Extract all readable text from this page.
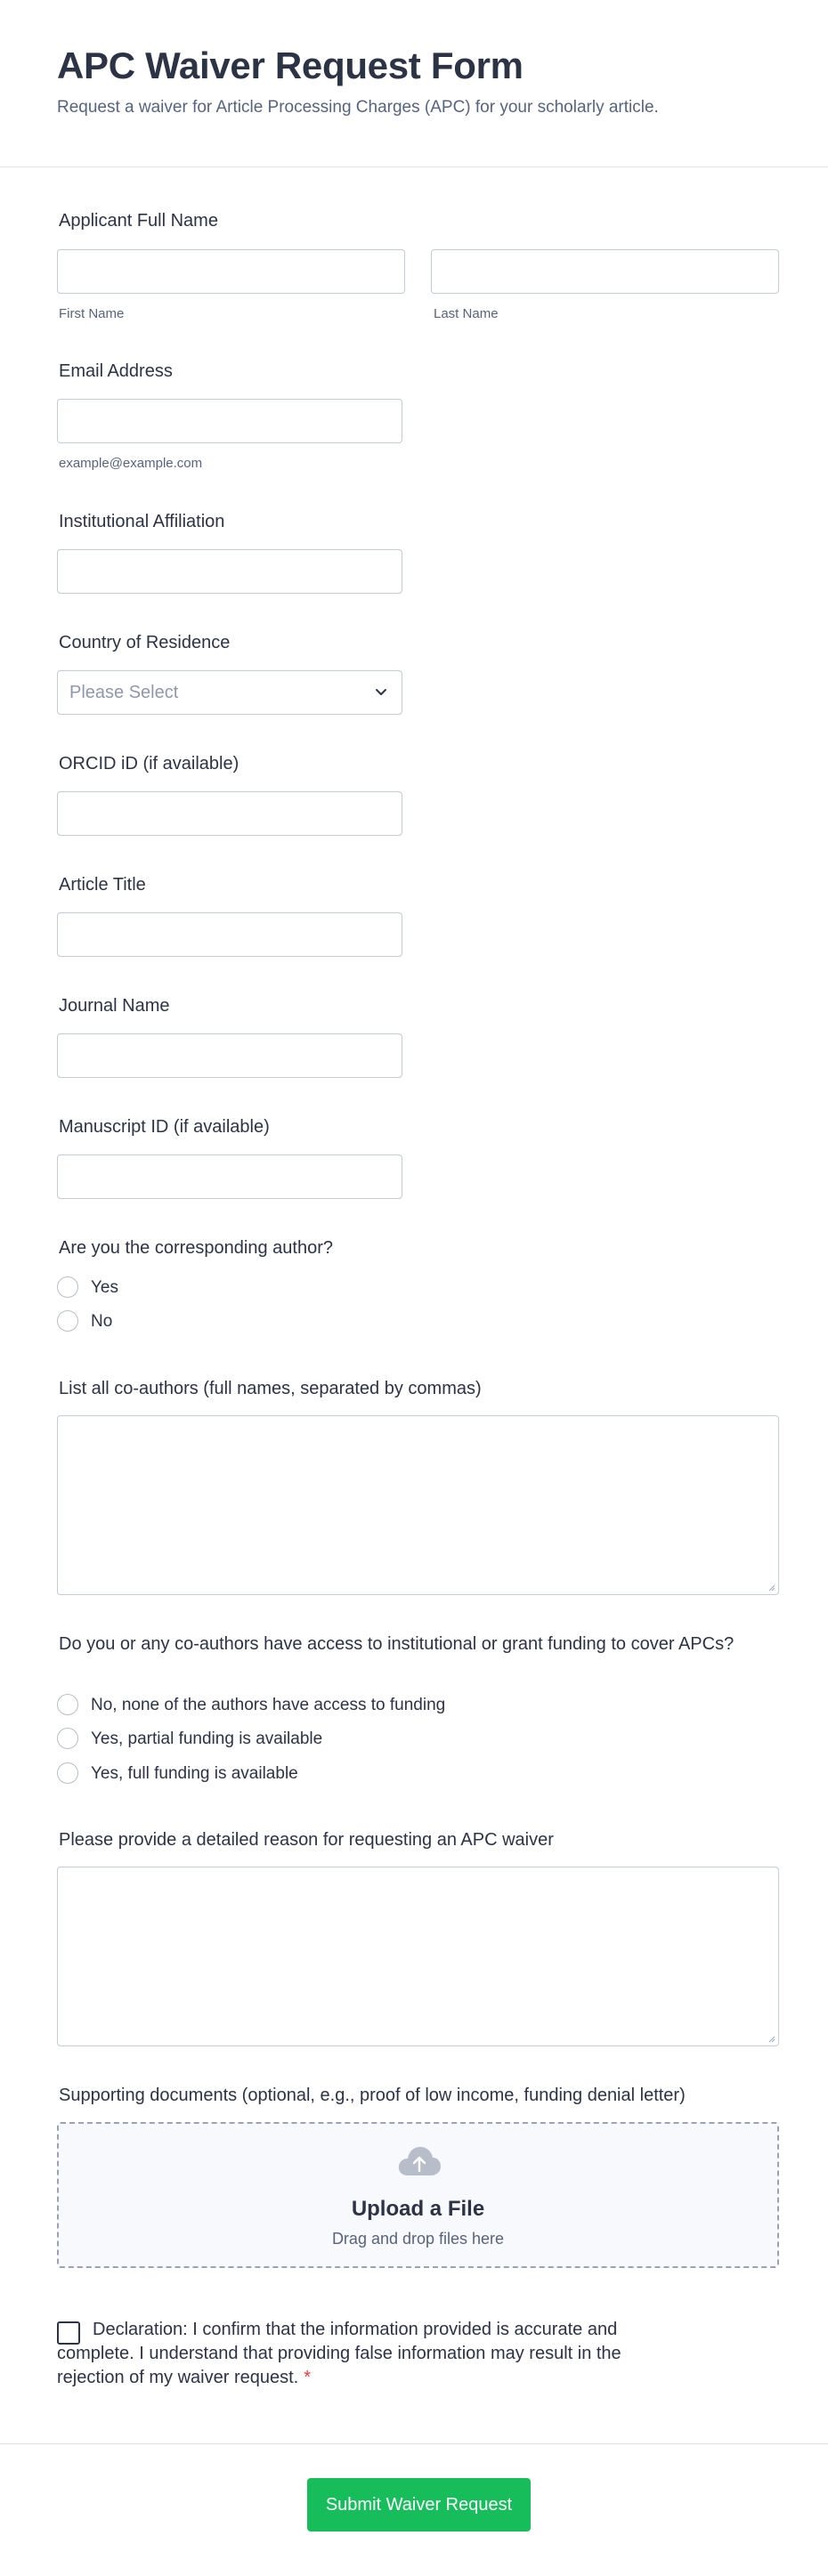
APC Waiver Request Form

Request a waiver for Article Processing Charges (APC) for your scholarly article.

Applicant Full Name
First Name	Last Name
Email Address
example@example.com
Institutional Affiliation
Country of Residence
Please Select
ORCID iD (if available)
Article Title
Journal Name
Manuscript ID (if available)
Are you the corresponding author?
Yes
No
List all co-authors (full names, separated by commas)
Do you or any co-authors have access to institutional or grant funding to cover APCs?
No, none of the authors have access to funding
Yes, partial funding is available
Yes, full funding is available
Please provide a detailed reason for requesting an APC waiver
Supporting documents (optional, e.g., proof of low income, funding denial letter)
Upload a File
Drag and drop files here
Declaration: I confirm that the information provided is accurate and complete. I understand that providing false information may result in the rejection of my waiver request. *
Submit Waiver Request
